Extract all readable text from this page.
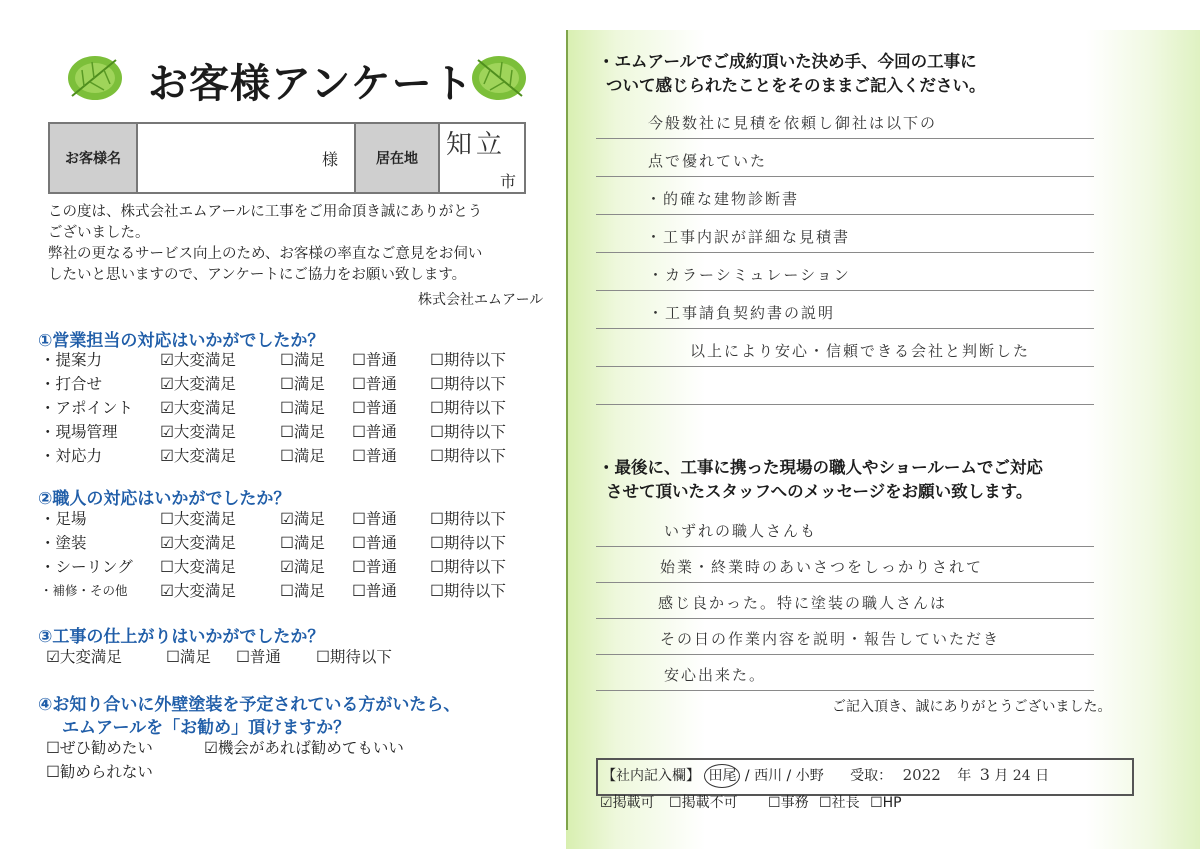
お客様アンケート
お客様名	様	居在地	知立
市
この度は、株式会社エムアールに工事をご用命頂き誠にありがとう
ございました。
弊社の更なるサービス向上のため、お客様の率直なご意見をお伺い
したいと思いますので、アンケートにご協力をお願い致します。
株式会社エムアール
①営業担当の対応はいかがでしたか？
・提案力	☑大変満足	☐満足 ☐普通 ☐期待以下
・打合せ	☑大変満足	☐満足 ☐普通 ☐期待以下
・アポイント ☑大変満足	☐満足 ☐普通 ☐期待以下
・現場管理	☑大変満足	☐満足 ☐普通 ☐期待以下
・対応力	☑大変満足	☐満足 ☐普通 ☐期待以下
②職人の対応はいかがでしたか？
・足場	☐大変満足	☑満足 ☐普通 ☐期待以下
・塗装	☑大変満足	☐満足 ☐普通 ☐期待以下
・シーリング ☐大変満足	☑満足 ☐普通 ☐期待以下
・補修・その他 ☑大変満足	☐満足 ☐普通 ☐期待以下
③工事の仕上がりはいかがでしたか？
☑大変満足	☐満足 ☐普通 ☐期待以下
④お知り合いに外壁塗装を予定されている方がいたら、
エムアールを「お勧め」頂けますか？
☐ぜひ勧めたい	☑機会があれば勧めてもいい
☐勧められない
・エムアールでご成約頂いた決め手、今回の工事に
ついて感じられたことをそのままご記入ください。
今般数社に見積を依頼し御社は以下の
点で優れていた
・的確な建物診断書
・工事内訳が詳細な見積書
・カラーシミュレーション
・工事請負契約書の説明
以上により安心・信頼できる会社と判断した
・最後に、工事に携った現場の職人やショールームでご対応
させて頂いたスタッフへのメッセージをお願い致します。
いずれの職人さんも
始業・終業時のあいさつをしっかりされて
感じ良かった。特に塗装の職人さんは
その日の作業内容を説明・報告していただき
安心出来た。
ご記入頂き、誠にありがとうございました。
【社内記入欄】 田尾 / 西川 / 小野 受取： 2022 年 3 月 24 日
☑掲載可 ☐掲載不可 ☐事務 ☐社長 ☐HP
